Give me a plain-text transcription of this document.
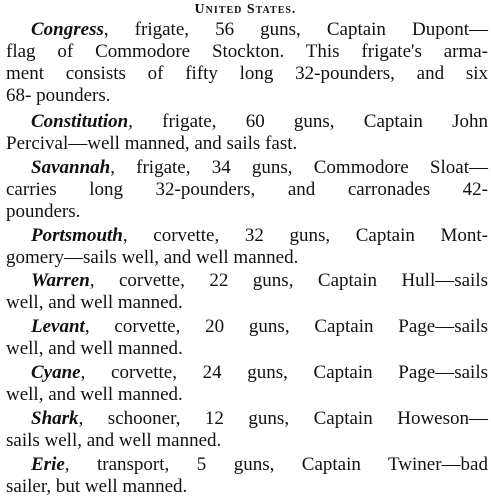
United States.
Congress, frigate, 56 guns, Captain Dupont—
flag of Commodore Stockton. This frigate's arma-
ment consists of fifty long 32-pounders, and six
68- pounders.
Constitution, frigate, 60 guns, Captain John
Percival—well manned, and sails fast.
Savannah, frigate, 34 guns, Commodore Sloat—
carries long 32-pounders, and carronades 42-
pounders.
Portsmouth, corvette, 32 guns, Captain Mont-
gomery—sails well, and well manned.
Warren, corvette, 22 guns, Captain Hull—sails
well, and well manned.
Levant, corvette, 20 guns, Captain Page—sails
well, and well manned.
Cyane, corvette, 24 guns, Captain Page—sails
well, and well manned.
Shark, schooner, 12 guns, Captain Howeson—
sails well, and well manned.
Erie, transport, 5 guns, Captain Twiner—bad
sailer, but well manned.
